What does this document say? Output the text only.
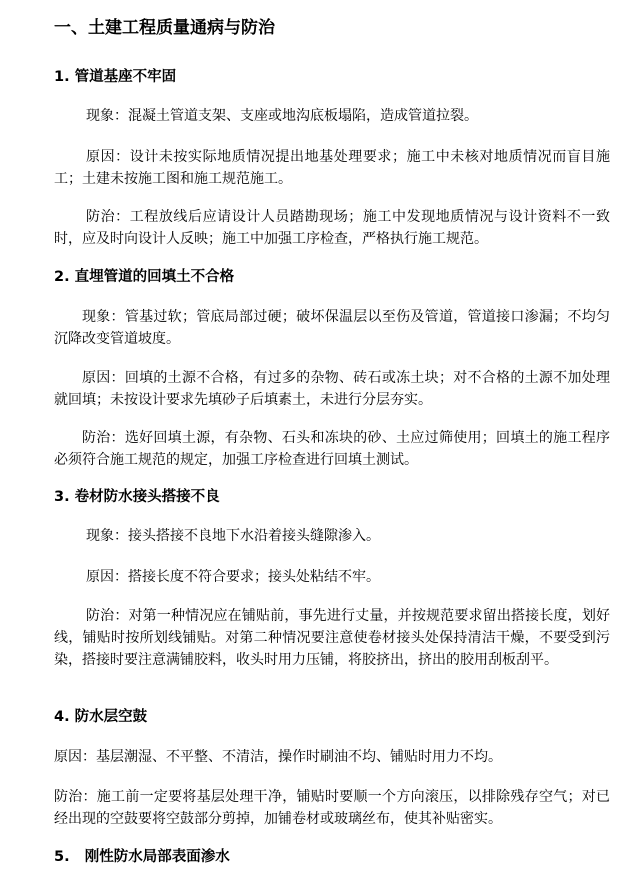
一、土建工程质量通病与防治
1. 管道基座不牢固
现象：混凝土管道支架、支座或地沟底板塌陷，造成管道拉裂。
原因：设计未按实际地质情况提出地基处理要求；施工中未核对地质情况而盲目施工；土建未按施工图和施工规范施工。
防治：工程放线后应请设计人员踏勘现场；施工中发现地质情况与设计资料不一致时，应及时向设计人反映；施工中加强工序检查，严格执行施工规范。
2. 直埋管道的回填土不合格
现象：管基过软；管底局部过硬；破坏保温层以至伤及管道，管道接口渗漏；不均匀沉降改变管道坡度。
原因：回填的土源不合格，有过多的杂物、砖石或冻土块；对不合格的土源不加处理就回填；未按设计要求先填砂子后填素土，未进行分层夯实。
防治：选好回填土源，有杂物、石头和冻块的砂、土应过筛使用；回填土的施工程序必须符合施工规范的规定，加强工序检查进行回填土测试。
3. 卷材防水接头搭接不良
现象：接头搭接不良地下水沿着接头缝隙渗入。
原因：搭接长度不符合要求；接头处粘结不牢。
防治：对第一种情况应在铺贴前，事先进行丈量，并按规范要求留出搭接长度，划好线，铺贴时按所划线铺贴。对第二种情况要注意使卷材接头处保持清洁干燥，不要受到污染，搭接时要注意满铺胶料，收头时用力压铺，将胶挤出，挤出的胶用刮板刮平。
4. 防水层空鼓
原因：基层潮湿、不平整、不清洁，操作时刷油不均、铺贴时用力不均。
防治：施工前一定要将基层处理干净，铺贴时要顺一个方向滚压，以排除残存空气；对已经出现的空鼓要将空鼓部分剪掉，加铺卷材或玻璃丝布，使其补贴密实。
5.   刚性防水局部表面渗水
